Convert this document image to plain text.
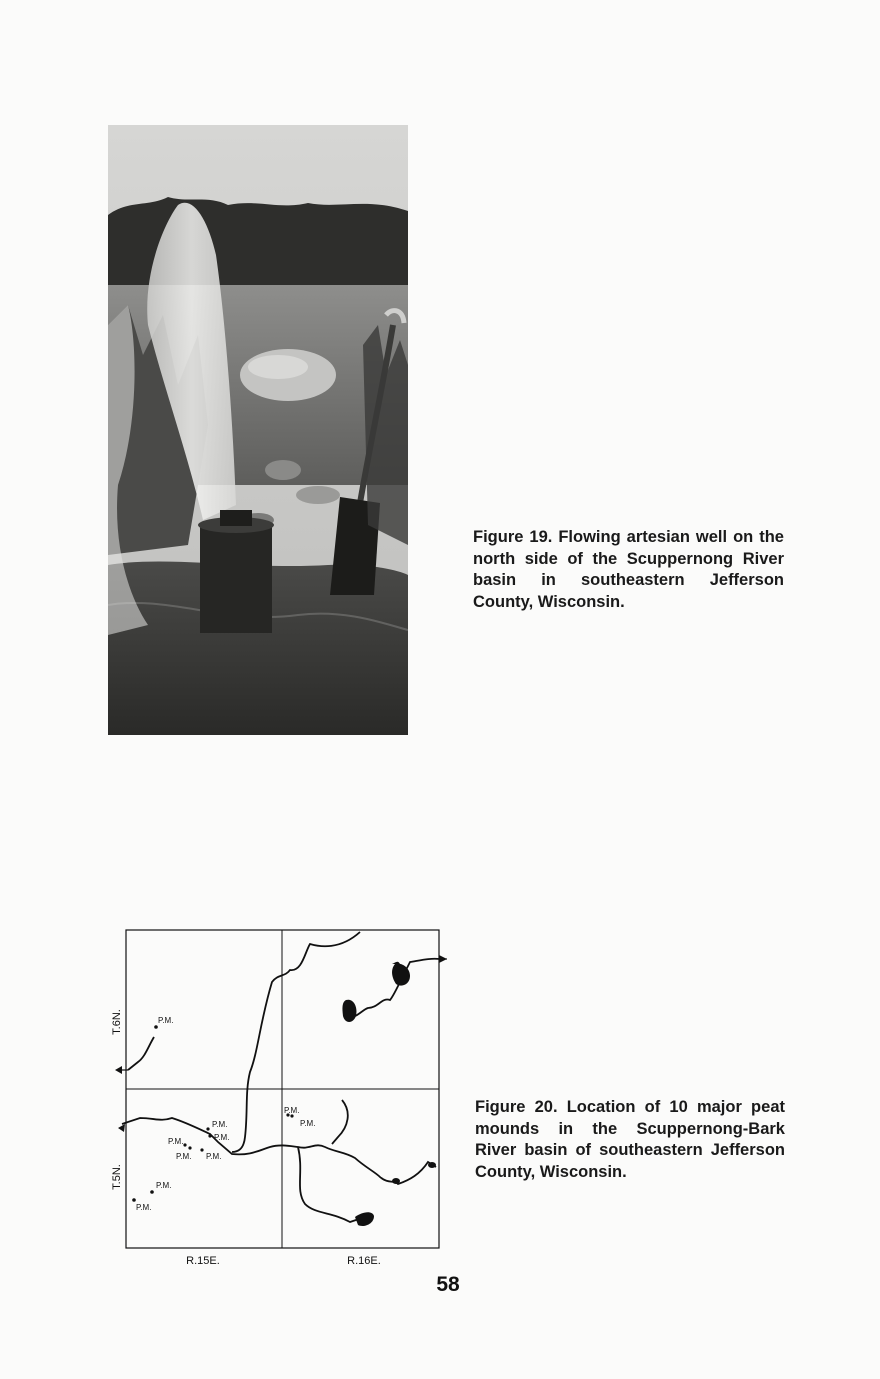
Figure 19. Flowing artesian well on the north side of the Scuppernong River basin in southeastern Jefferson County, Wisconsin.

P.M.
P.M.
P.M.
P.M.
P.M.
P.M.
P.M. P.M.
P.M.
P.M.
T.6N.
T.5N.
R.15E.	R.16E.

Figure 20. Location of 10 major peat mounds in the Scuppernong-Bark River basin of southeastern Jefferson County, Wisconsin.

58
